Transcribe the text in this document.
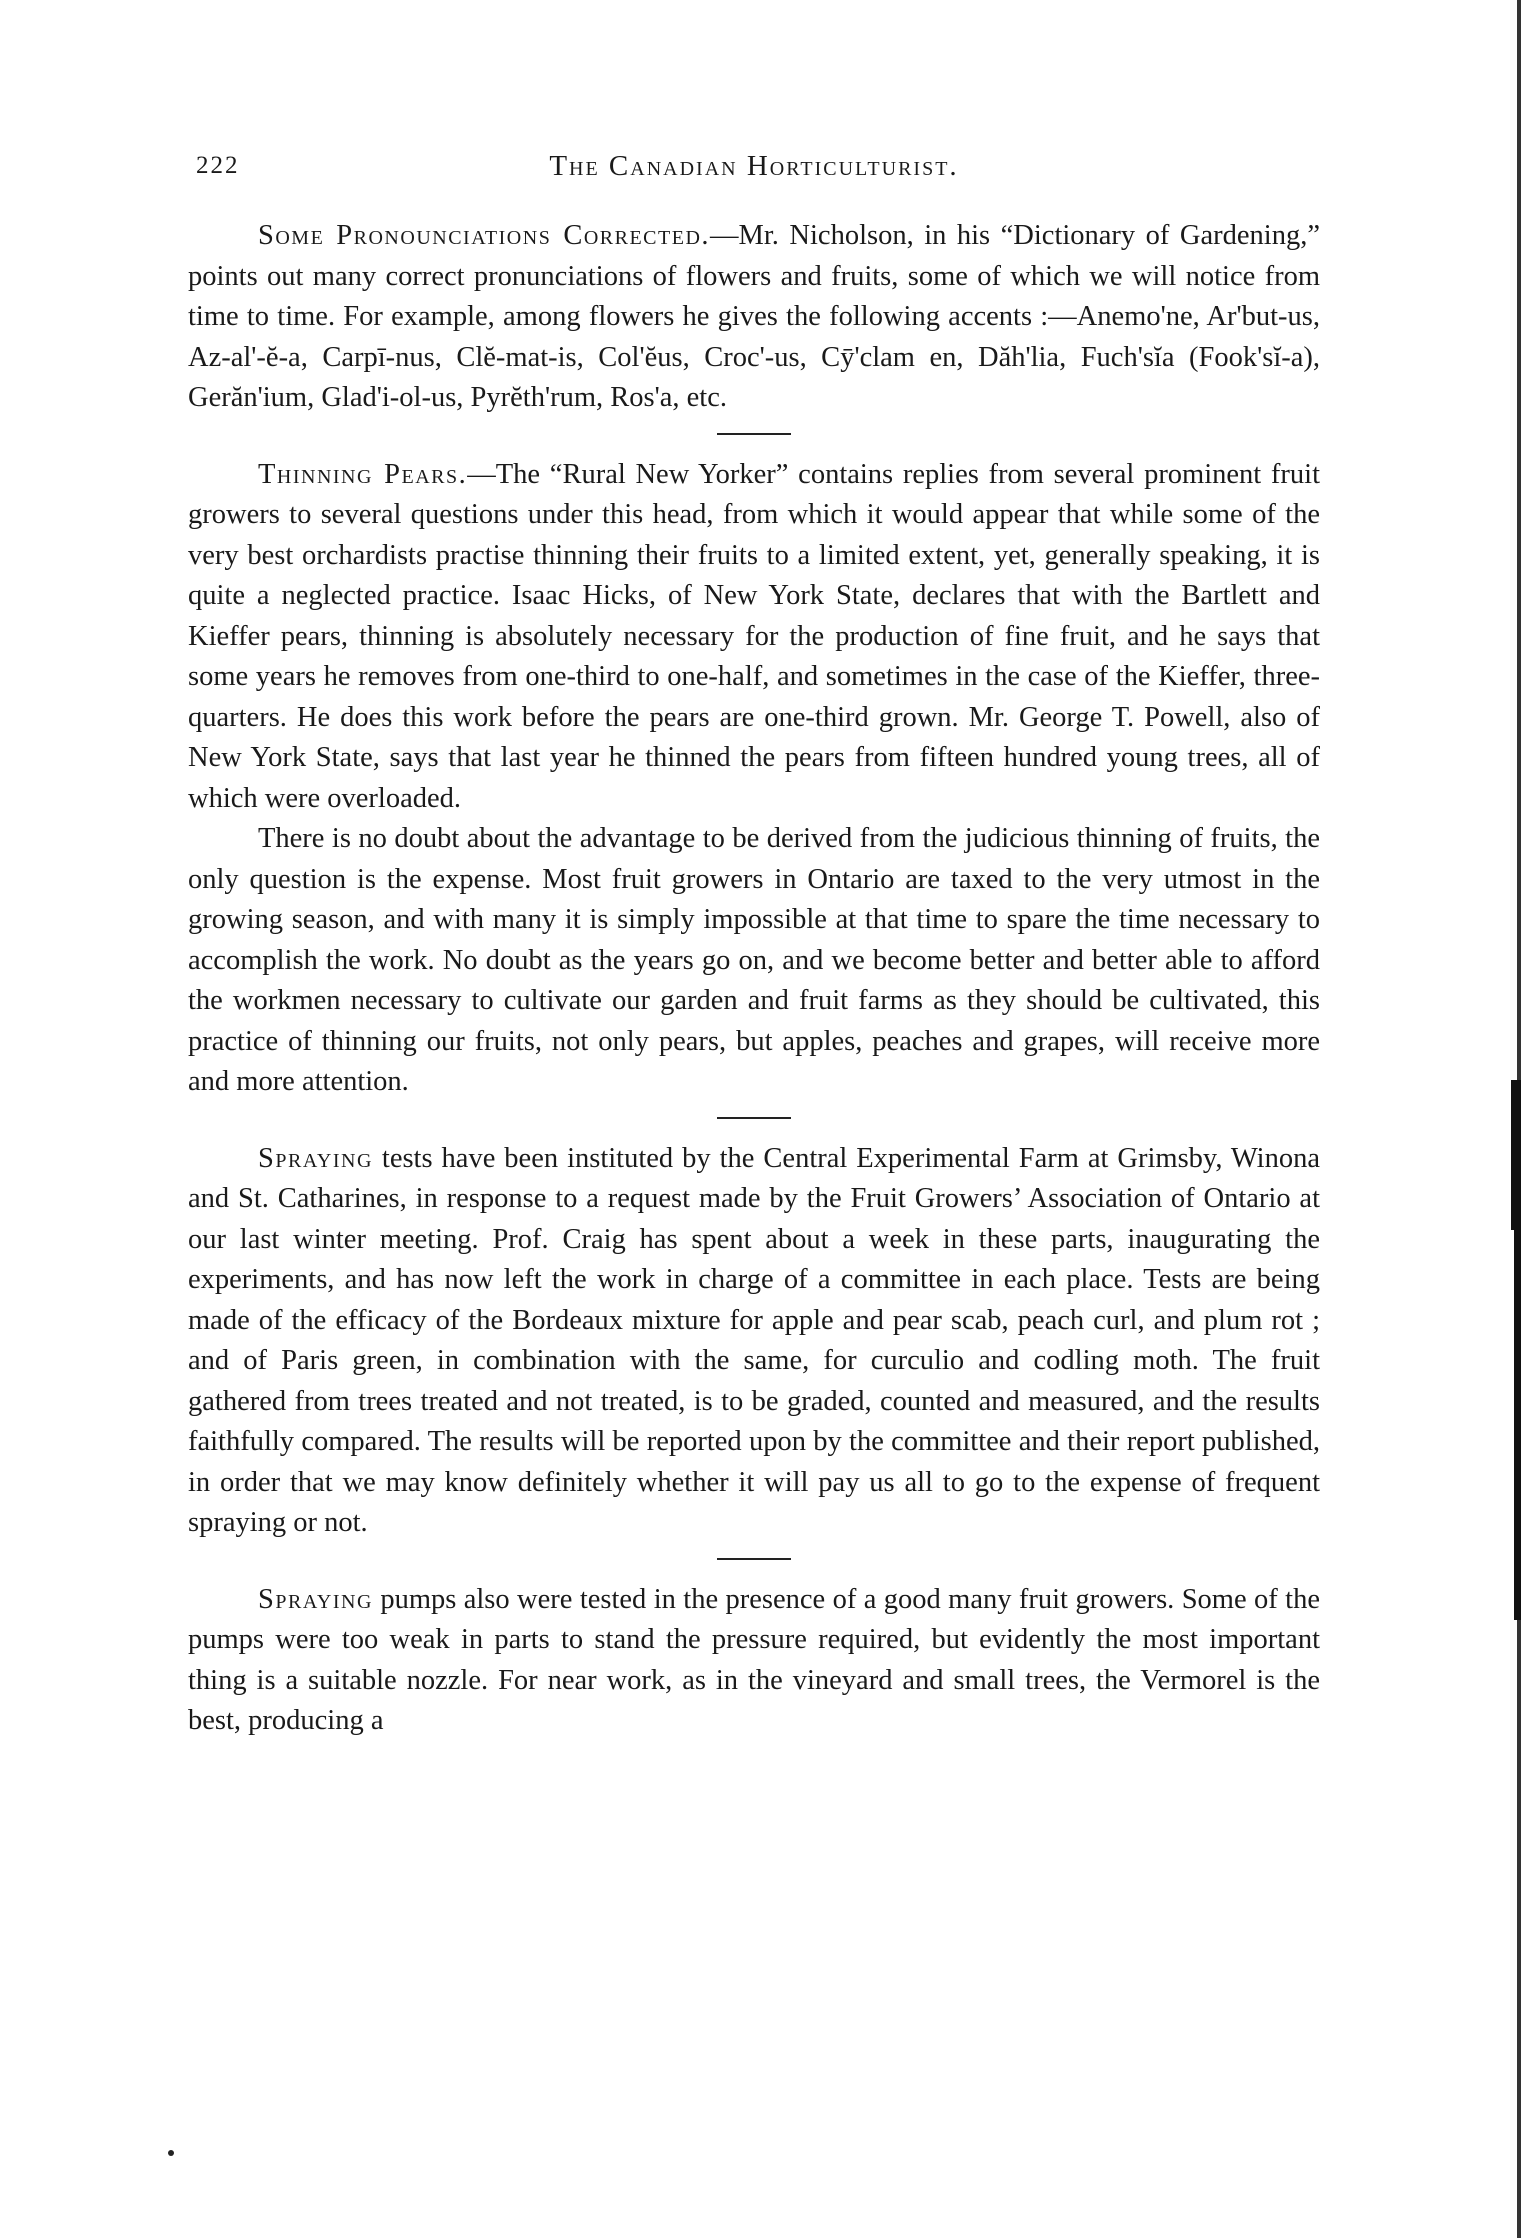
222	The Canadian Horticulturist.

Some Pronounciations Corrected.—Mr. Nicholson, in his “Dictionary of Gardening,” points out many correct pronunciations of flowers and fruits, some of which we will notice from time to time. For example, among flowers he gives the following accents :—Anemo'ne, Ar'but-us, Az-al'-ĕ-a, Carpī-nus, Clĕ-mat-is, Col'ĕus, Croc'-us, Cȳ'clam en, Dăh'lia, Fuch'sĭa (Fook'sĭ-a), Gerăn'ium, Glad'i-ol-us, Pyrĕth'rum, Ros'a, etc.

Thinning Pears.—The “Rural New Yorker” contains replies from several prominent fruit growers to several questions under this head, from which it would appear that while some of the very best orchardists practise thinning their fruits to a limited extent, yet, generally speaking, it is quite a neglected practice. Isaac Hicks, of New York State, declares that with the Bartlett and Kieffer pears, thinning is absolutely necessary for the production of fine fruit, and he says that some years he removes from one-third to one-half, and sometimes in the case of the Kieffer, three-quarters. He does this work before the pears are one-third grown. Mr. George T. Powell, also of New York State, says that last year he thinned the pears from fifteen hundred young trees, all of which were overloaded.

There is no doubt about the advantage to be derived from the judicious thinning of fruits, the only question is the expense. Most fruit growers in Ontario are taxed to the very utmost in the growing season, and with many it is simply impossible at that time to spare the time necessary to accomplish the work. No doubt as the years go on, and we become better and better able to afford the workmen necessary to cultivate our garden and fruit farms as they should be cultivated, this practice of thinning our fruits, not only pears, but apples, peaches and grapes, will receive more and more attention.

Spraying tests have been instituted by the Central Experimental Farm at Grimsby, Winona and St. Catharines, in response to a request made by the Fruit Growers’ Association of Ontario at our last winter meeting. Prof. Craig has spent about a week in these parts, inaugurating the experiments, and has now left the work in charge of a committee in each place. Tests are being made of the efficacy of the Bordeaux mixture for apple and pear scab, peach curl, and plum rot ; and of Paris green, in combination with the same, for curculio and codling moth. The fruit gathered from trees treated and not treated, is to be graded, counted and measured, and the results faithfully compared. The results will be reported upon by the committee and their report published, in order that we may know definitely whether it will pay us all to go to the expense of frequent spraying or not.

Spraying pumps also were tested in the presence of a good many fruit growers. Some of the pumps were too weak in parts to stand the pressure required, but evidently the most important thing is a suitable nozzle. For near work, as in the vineyard and small trees, the Vermorel is the best, producing a
